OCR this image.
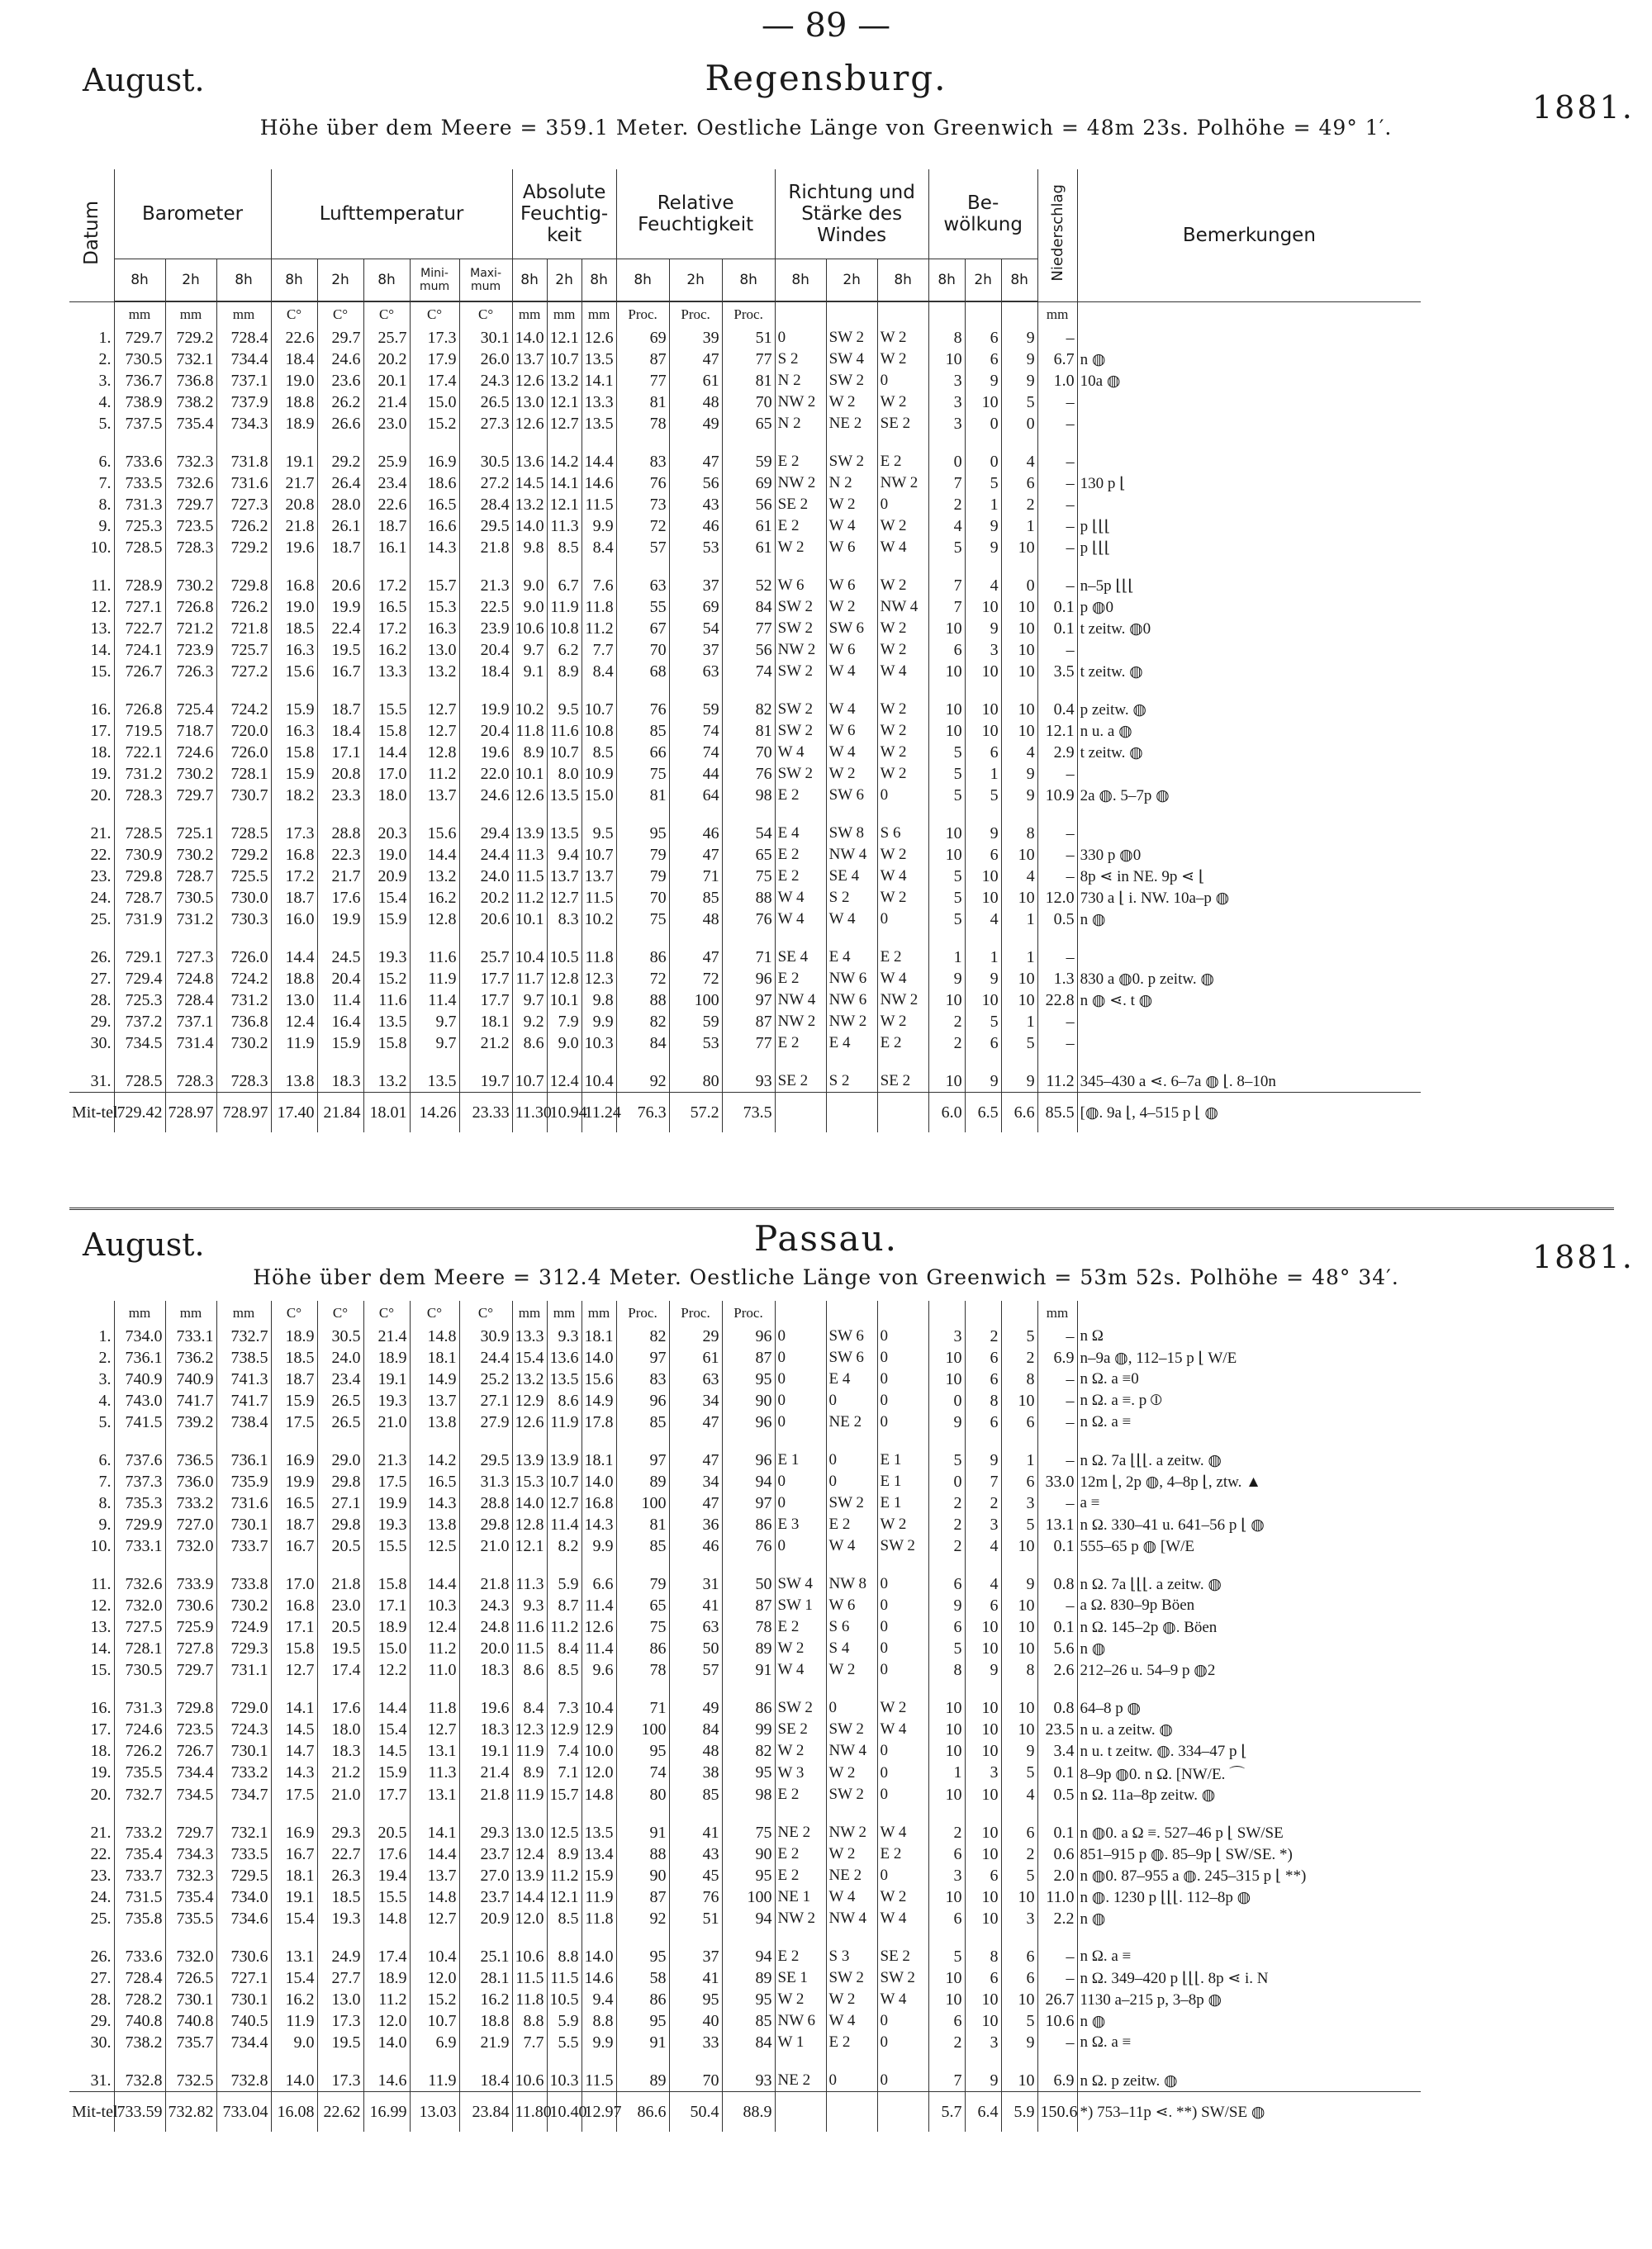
— 89 —
August.	Regensburg.
1881.
Höhe über dem Meere = 359.1 Meter. Oestliche Länge von Greenwich = 48m 23s. Polhöhe = 49° 1′.
Datum	Barometer			Lufttemperatur					Absolute Feuchtig-keit			Relative Feuchtigkeit			Richtung und Stärke des Windes			Be-wölkung			Niederschlag	Bemerkungen
	8h	2h	8h	8h	2h	8h	Mini-mum	Maxi-mum	8h	2h	8h	8h	2h	8h	8h	2h	8h	8h	2h	8h		
	mm	mm	mm	C°	C°	C°	C°	C°	mm	mm	mm	Proc.	Proc.	Proc.							mm	
1.	729.7	729.2	728.4	22.6	29.7	25.7	17.3	30.1	14.0	12.1	12.6	69	39	51	0	SW 2	W 2	8	6	9	–	
2.	730.5	732.1	734.4	18.4	24.6	20.2	17.9	26.0	13.7	10.7	13.5	87	47	77	S 2	SW 4	W 2	10	6	9	6.7	n ◍
3.	736.7	736.8	737.1	19.0	23.6	20.1	17.4	24.3	12.6	13.2	14.1	77	61	81	N 2	SW 2	0	3	9	9	1.0	10a ◍
4.	738.9	738.2	737.9	18.8	26.2	21.4	15.0	26.5	13.0	12.1	13.3	81	48	70	NW 2	W 2	W 2	3	10	5	–	
5.	737.5	735.4	734.3	18.9	26.6	23.0	15.2	27.3	12.6	12.7	13.5	78	49	65	N 2	NE 2	SE 2	3	0	0	–	

6.	733.6	732.3	731.8	19.1	29.2	25.9	16.9	30.5	13.6	14.2	14.4	83	47	59	E 2	SW 2	E 2	0	0	4	–	
7.	733.5	732.6	731.6	21.7	26.4	23.4	18.6	27.2	14.5	14.1	14.6	76	56	69	NW 2	N 2	NW 2	7	5	6	–	130 p ⌊
8.	731.3	729.7	727.3	20.8	28.0	22.6	16.5	28.4	13.2	12.1	11.5	73	43	56	SE 2	W 2	0	2	1	2	–	
9.	725.3	723.5	726.2	21.8	26.1	18.7	16.6	29.5	14.0	11.3	9.9	72	46	61	E 2	W 4	W 2	4	9	1	–	p ⌊⌊⌊
10.	728.5	728.3	729.2	19.6	18.7	16.1	14.3	21.8	9.8	8.5	8.4	57	53	61	W 2	W 6	W 4	5	9	10	–	p ⌊⌊⌊

11.	728.9	730.2	729.8	16.8	20.6	17.2	15.7	21.3	9.0	6.7	7.6	63	37	52	W 6	W 6	W 2	7	4	0	–	n–5p ⌊⌊⌊
12.	727.1	726.8	726.2	19.0	19.9	16.5	15.3	22.5	9.0	11.9	11.8	55	69	84	SW 2	W 2	NW 4	7	10	10	0.1	p ◍0
13.	722.7	721.2	721.8	18.5	22.4	17.2	16.3	23.9	10.6	10.8	11.2	67	54	77	SW 2	SW 6	W 2	10	9	10	0.1	t zeitw. ◍0
14.	724.1	723.9	725.7	16.3	19.5	16.2	13.0	20.4	9.7	6.2	7.7	70	37	56	NW 2	W 6	W 2	6	3	10	–	
15.	726.7	726.3	727.2	15.6	16.7	13.3	13.2	18.4	9.1	8.9	8.4	68	63	74	SW 2	W 4	W 4	10	10	10	3.5	t zeitw. ◍

16.	726.8	725.4	724.2	15.9	18.7	15.5	12.7	19.9	10.2	9.5	10.7	76	59	82	SW 2	W 4	W 2	10	10	10	0.4	p zeitw. ◍
17.	719.5	718.7	720.0	16.3	18.4	15.8	12.7	20.4	11.8	11.6	10.8	85	74	81	SW 2	W 6	W 2	10	10	10	12.1	n u. a ◍
18.	722.1	724.6	726.0	15.8	17.1	14.4	12.8	19.6	8.9	10.7	8.5	66	74	70	W 4	W 4	W 2	5	6	4	2.9	t zeitw. ◍
19.	731.2	730.2	728.1	15.9	20.8	17.0	11.2	22.0	10.1	8.0	10.9	75	44	76	SW 2	W 2	W 2	5	1	9	–	
20.	728.3	729.7	730.7	18.2	23.3	18.0	13.7	24.6	12.6	13.5	15.0	81	64	98	E 2	SW 6	0	5	5	9	10.9	2a ◍. 5–7p ◍

21.	728.5	725.1	728.5	17.3	28.8	20.3	15.6	29.4	13.9	13.5	9.5	95	46	54	E 4	SW 8	S 6	10	9	8	–	
22.	730.9	730.2	729.2	16.8	22.3	19.0	14.4	24.4	11.3	9.4	10.7	79	47	65	E 2	NW 4	W 2	10	6	10	–	330 p ◍0
23.	729.8	728.7	725.5	17.2	21.7	20.9	13.2	24.0	11.5	13.7	13.7	79	71	75	E 2	SE 4	W 4	5	10	4	–	8p ⋖ in NE. 9p ⋖ ⌊
24.	728.7	730.5	730.0	18.7	17.6	15.4	16.2	20.2	11.2	12.7	11.5	70	85	88	W 4	S 2	W 2	5	10	10	12.0	730 a ⌊ i. NW. 10a–p ◍
25.	731.9	731.2	730.3	16.0	19.9	15.9	12.8	20.6	10.1	8.3	10.2	75	48	76	W 4	W 4	0	5	4	1	0.5	n ◍

26.	729.1	727.3	726.0	14.4	24.5	19.3	11.6	25.7	10.4	10.5	11.8	86	47	71	SE 4	E 4	E 2	1	1	1	–	
27.	729.4	724.8	724.2	18.8	20.4	15.2	11.9	17.7	11.7	12.8	12.3	72	72	96	E 2	NW 6	W 4	9	9	10	1.3	830 a ◍0. p zeitw. ◍
28.	725.3	728.4	731.2	13.0	11.4	11.6	11.4	17.7	9.7	10.1	9.8	88	100	97	NW 4	NW 6	NW 2	10	10	10	22.8	n ◍ ⋖. t ◍
29.	737.2	737.1	736.8	12.4	16.4	13.5	9.7	18.1	9.2	7.9	9.9	82	59	87	NW 2	NW 2	W 2	2	5	1	–	
30.	734.5	731.4	730.2	11.9	15.9	15.8	9.7	21.2	8.6	9.0	10.3	84	53	77	E 2	E 4	E 2	2	6	5	–	

31.	728.5	728.3	728.3	13.8	18.3	13.2	13.5	19.7	10.7	12.4	10.4	92	80	93	SE 2	S 2	SE 2	10	9	9	11.2	345–430 a ⋖. 6–7a ◍ ⌊. 8–10n
Mit-tel	729.42	728.97	728.97	17.40	21.84	18.01	14.26	23.33	11.30	10.94	11.24	76.3	57.2	73.5				6.0	6.5	6.6	85.5	[◍. 9a ⌊, 4–515 p ⌊ ◍
August.	Passau.	1881.
Höhe über dem Meere = 312.4 Meter. Oestliche Länge von Greenwich = 53m 52s. Polhöhe = 48° 34′.
	mm	mm	mm	C°	C°	C°	C°	C°	mm	mm	mm	Proc.	Proc.	Proc.							mm	
1.	734.0	733.1	732.7	18.9	30.5	21.4	14.8	30.9	13.3	9.3	18.1	82	29	96	0	SW 6	0	3	2	5	–	n Ω
2.	736.1	736.2	738.5	18.5	24.0	18.9	18.1	24.4	15.4	13.6	14.0	97	61	87	0	SW 6	0	10	6	2	6.9	n–9a ◍, 112–15 p ⌊ W/E
3.	740.9	740.9	741.3	18.7	23.4	19.1	14.9	25.2	13.2	13.5	15.6	83	63	95	0	E 4	0	10	6	8	–	n Ω. a ≡0
4.	743.0	741.7	741.7	15.9	26.5	19.3	13.7	27.1	12.9	8.6	14.9	96	34	90	0	0	0	0	8	10	–	n Ω. a ≡. p ⦶
5.	741.5	739.2	738.4	17.5	26.5	21.0	13.8	27.9	12.6	11.9	17.8	85	47	96	0	NE 2	0	9	6	6	–	n Ω. a ≡

6.	737.6	736.5	736.1	16.9	29.0	21.3	14.2	29.5	13.9	13.9	18.1	97	47	96	E 1	0	E 1	5	9	1	–	n Ω. 7a ⌊⌊⌊. a zeitw. ◍
7.	737.3	736.0	735.9	19.9	29.8	17.5	16.5	31.3	15.3	10.7	14.0	89	34	94	0	0	E 1	0	7	6	33.0	12m ⌊, 2p ◍, 4–8p ⌊, ztw. ▲
8.	735.3	733.2	731.6	16.5	27.1	19.9	14.3	28.8	14.0	12.7	16.8	100	47	97	0	SW 2	E 1	2	2	3	–	a ≡
9.	729.9	727.0	730.1	18.7	29.8	19.3	13.8	29.8	12.8	11.4	14.3	81	36	86	E 3	E 2	W 2	2	3	5	13.1	n Ω. 330–41 u. 641–56 p ⌊ ◍
10.	733.1	732.0	733.7	16.7	20.5	15.5	12.5	21.0	12.1	8.2	9.9	85	46	76	0	W 4	SW 2	2	4	10	0.1	555–65 p ◍ [W/E

11.	732.6	733.9	733.8	17.0	21.8	15.8	14.4	21.8	11.3	5.9	6.6	79	31	50	SW 4	NW 8	0	6	4	9	0.8	n Ω. 7a ⌊⌊⌊. a zeitw. ◍
12.	732.0	730.6	730.2	16.8	23.0	17.1	10.3	24.3	9.3	8.7	11.4	65	41	87	SW 1	W 6	0	9	6	10	–	a Ω. 830–9p Böen
13.	727.5	725.9	724.9	17.1	20.5	18.9	12.4	24.8	11.6	11.2	12.6	75	63	78	E 2	S 6	0	6	10	10	0.1	n Ω. 145–2p ◍. Böen
14.	728.1	727.8	729.3	15.8	19.5	15.0	11.2	20.0	11.5	8.4	11.4	86	50	89	W 2	S 4	0	5	10	10	5.6	n ◍
15.	730.5	729.7	731.1	12.7	17.4	12.2	11.0	18.3	8.6	8.5	9.6	78	57	91	W 4	W 2	0	8	9	8	2.6	212–26 u. 54–9 p ◍2

16.	731.3	729.8	729.0	14.1	17.6	14.4	11.8	19.6	8.4	7.3	10.4	71	49	86	SW 2	0	W 2	10	10	10	0.8	64–8 p ◍
17.	724.6	723.5	724.3	14.5	18.0	15.4	12.7	18.3	12.3	12.9	12.9	100	84	99	SE 2	SW 2	W 4	10	10	10	23.5	n u. a zeitw. ◍
18.	726.2	726.7	730.1	14.7	18.3	14.5	13.1	19.1	11.9	7.4	10.0	95	48	82	W 2	NW 4	0	10	10	9	3.4	n u. t zeitw. ◍. 334–47 p ⌊
19.	735.5	734.4	733.2	14.3	21.2	15.9	11.3	21.4	8.9	7.1	12.0	74	38	95	W 3	W 2	0	1	3	5	0.1	8–9p ◍0. n Ω. [NW/E. ⌒
20.	732.7	734.5	734.7	17.5	21.0	17.7	13.1	21.8	11.9	15.7	14.8	80	85	98	E 2	SW 2	0	10	10	4	0.5	n Ω. 11a–8p zeitw. ◍

21.	733.2	729.7	732.1	16.9	29.3	20.5	14.1	29.3	13.0	12.5	13.5	91	41	75	NE 2	NW 2	W 4	2	10	6	0.1	n ◍0. a Ω ≡. 527–46 p ⌊ SW/SE
22.	735.4	734.3	733.5	16.7	22.7	17.6	14.4	23.7	12.4	8.9	13.4	88	43	90	E 2	W 2	E 2	6	10	2	0.6	851–915 p ◍. 85–9p ⌊ SW/SE. *)
23.	733.7	732.3	729.5	18.1	26.3	19.4	13.7	27.0	13.9	11.2	15.9	90	45	95	E 2	NE 2	0	3	6	5	2.0	n ◍0. 87–955 a ◍. 245–315 p ⌊ **)
24.	731.5	735.4	734.0	19.1	18.5	15.5	14.8	23.7	14.4	12.1	11.9	87	76	100	NE 1	W 4	W 2	10	10	10	11.0	n ◍. 1230 p ⌊⌊⌊. 112–8p ◍
25.	735.8	735.5	734.6	15.4	19.3	14.8	12.7	20.9	12.0	8.5	11.8	92	51	94	NW 2	NW 4	W 4	6	10	3	2.2	n ◍

26.	733.6	732.0	730.6	13.1	24.9	17.4	10.4	25.1	10.6	8.8	14.0	95	37	94	E 2	S 3	SE 2	5	8	6	–	n Ω. a ≡
27.	728.4	726.5	727.1	15.4	27.7	18.9	12.0	28.1	11.5	11.5	14.6	58	41	89	SE 1	SW 2	SW 2	10	6	6	–	n Ω. 349–420 p ⌊⌊⌊. 8p ⋖ i. N
28.	728.2	730.1	730.1	16.2	13.0	11.2	15.2	16.2	11.8	10.5	9.4	86	95	95	W 2	W 2	W 4	10	10	10	26.7	1130 a–215 p, 3–8p ◍
29.	740.8	740.8	740.5	11.9	17.3	12.0	10.7	18.8	8.8	5.9	8.8	95	40	85	NW 6	W 4	0	6	10	5	10.6	n ◍
30.	738.2	735.7	734.4	9.0	19.5	14.0	6.9	21.9	7.7	5.5	9.9	91	33	84	W 1	E 2	0	2	3	9	–	n Ω. a ≡

31.	732.8	732.5	732.8	14.0	17.3	14.6	11.9	18.4	10.6	10.3	11.5	89	70	93	NE 2	0	0	7	9	10	6.9	n Ω. p zeitw. ◍
Mit-tel	733.59	732.82	733.04	16.08	22.62	16.99	13.03	23.84	11.80	10.40	12.97	86.6	50.4	88.9				5.7	6.4	5.9	150.6	*) 753–11p ⋖. **) SW/SE ◍
